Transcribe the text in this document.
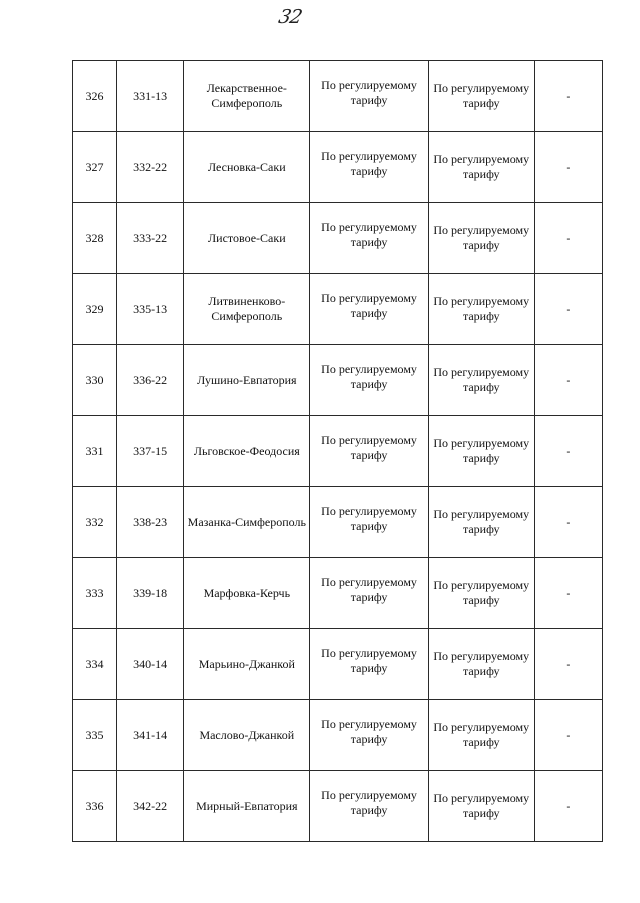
32
326	331-13	Лекарственное-Симферополь	По регулируемому тарифу	По регулируемому тарифу	-
327	332-22	Лесновка-Саки	По регулируемому тарифу	По регулируемому тарифу	-
328	333-22	Листовое-Саки	По регулируемому тарифу	По регулируемому тарифу	-
329	335-13	Литвиненково-Симферополь	По регулируемому тарифу	По регулируемому тарифу	-
330	336-22	Лушино-Евпатория	По регулируемому тарифу	По регулируемому тарифу	-
331	337-15	Льговское-Феодосия	По регулируемому тарифу	По регулируемому тарифу	-
332	338-23	Мазанка-Симферополь	По регулируемому тарифу	По регулируемому тарифу	-
333	339-18	Марфовка-Керчь	По регулируемому тарифу	По регулируемому тарифу	-
334	340-14	Марьино-Джанкой	По регулируемому тарифу	По регулируемому тарифу	-
335	341-14	Маслово-Джанкой	По регулируемому тарифу	По регулируемому тарифу	-
336	342-22	Мирный-Евпатория	По регулируемому тарифу	По регулируемому тарифу	-
